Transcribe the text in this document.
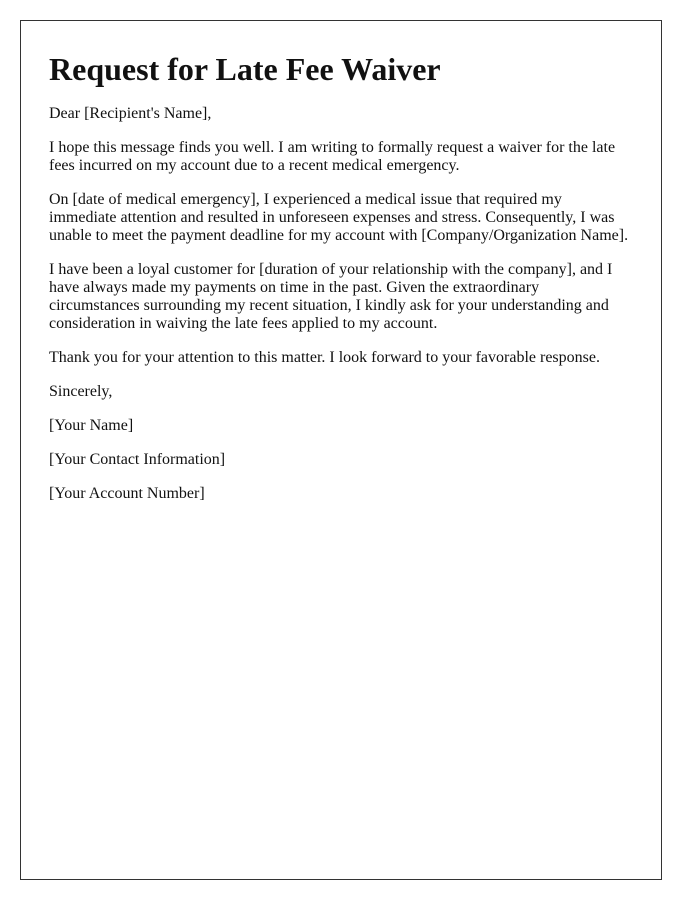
Request for Late Fee Waiver

Dear [Recipient's Name],

I hope this message finds you well. I am writing to formally request a waiver for the late fees incurred on my account due to a recent medical emergency.

On [date of medical emergency], I experienced a medical issue that required my immediate attention and resulted in unforeseen expenses and stress. Consequently, I was unable to meet the payment deadline for my account with [Company/Organization Name].

I have been a loyal customer for [duration of your relationship with the company], and I have always made my payments on time in the past. Given the extraordinary circumstances surrounding my recent situation, I kindly ask for your understanding and consideration in waiving the late fees applied to my account.

Thank you for your attention to this matter. I look forward to your favorable response.

Sincerely,

[Your Name]

[Your Contact Information]

[Your Account Number]
